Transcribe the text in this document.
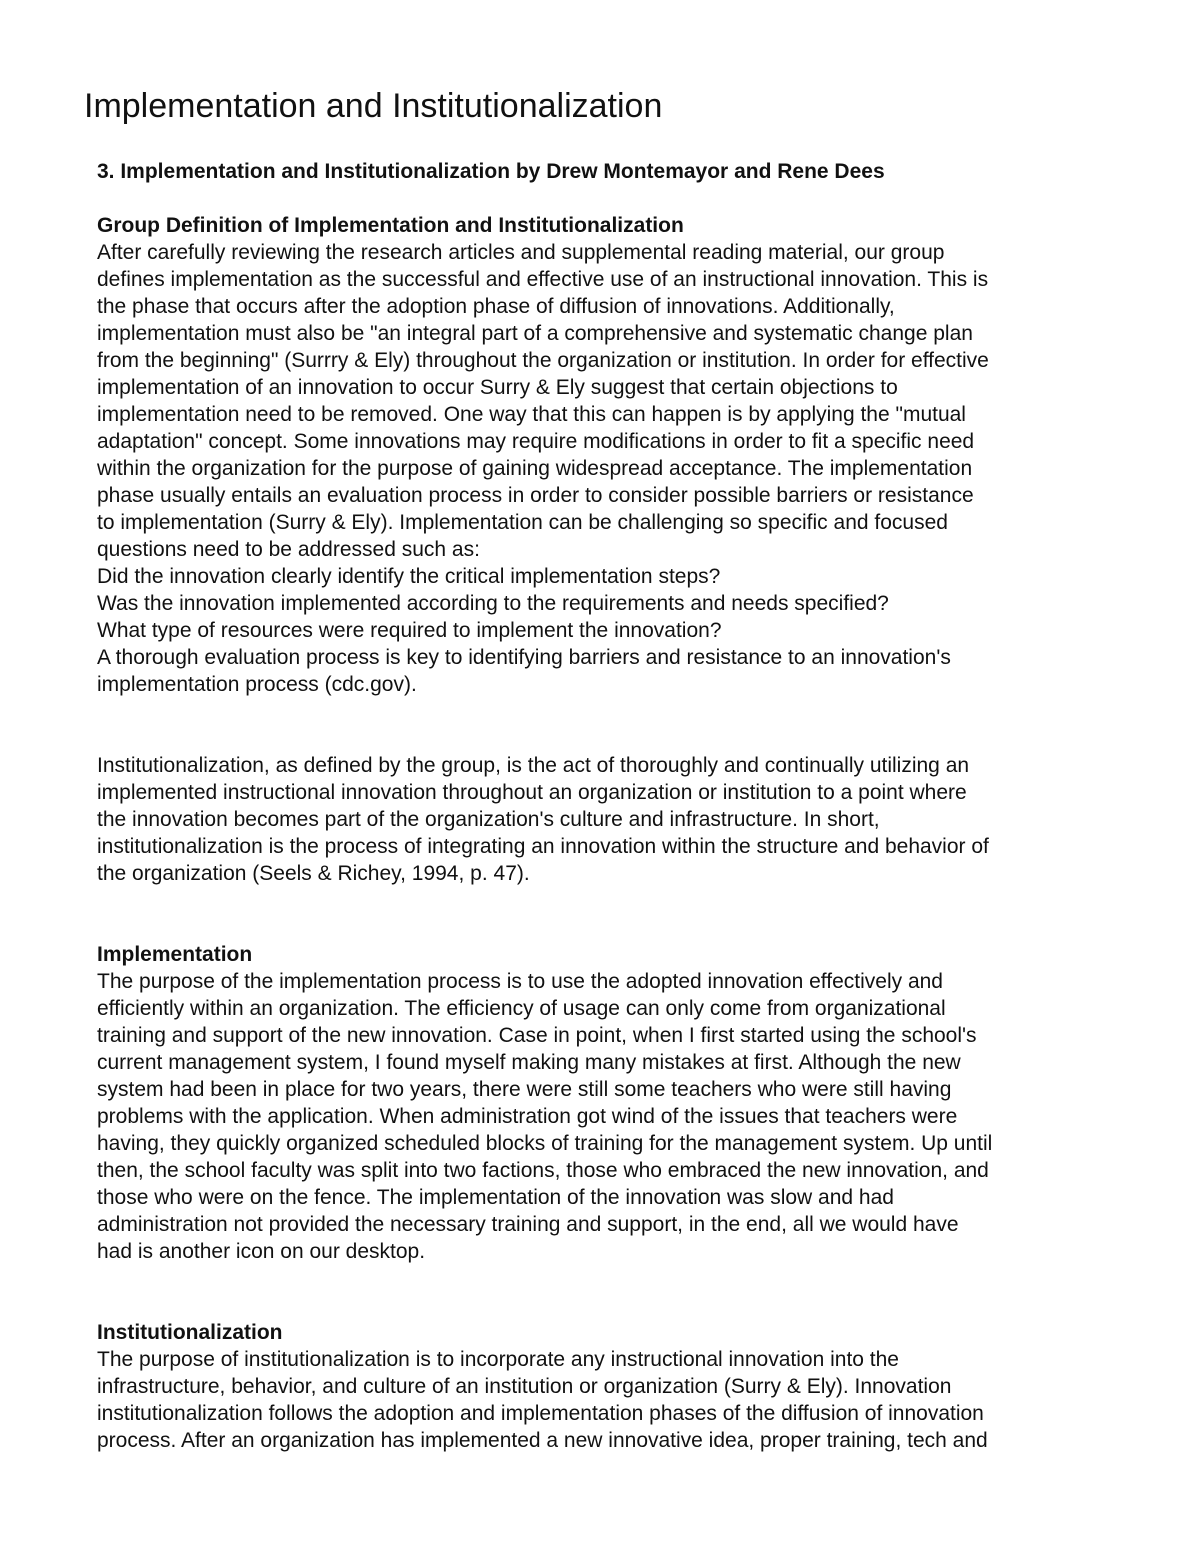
Implementation and Institutionalization

3. Implementation and Institutionalization by Drew Montemayor and Rene Dees

Group Definition of Implementation and Institutionalization

After carefully reviewing the research articles and supplemental reading material, our group
defines implementation as the successful and effective use of an instructional innovation. This is
the phase that occurs after the adoption phase of diffusion of innovations. Additionally,
implementation must also be "an integral part of a comprehensive and systematic change plan
from the beginning" (Surrry & Ely) throughout the organization or institution. In order for effective
implementation of an innovation to occur Surry & Ely suggest that certain objections to
implementation need to be removed. One way that this can happen is by applying the "mutual
adaptation" concept. Some innovations may require modifications in order to fit a specific need
within the organization for the purpose of gaining widespread acceptance. The implementation
phase usually entails an evaluation process in order to consider possible barriers or resistance
to implementation (Surry & Ely). Implementation can be challenging so specific and focused
questions need to be addressed such as:
Did the innovation clearly identify the critical implementation steps?
Was the innovation implemented according to the requirements and needs specified?
What type of resources were required to implement the innovation?
A thorough evaluation process is key to identifying barriers and resistance to an innovation's
implementation process (cdc.gov).

Institutionalization, as defined by the group, is the act of thoroughly and continually utilizing an
implemented instructional innovation throughout an organization or institution to a point where
the innovation becomes part of the organization's culture and infrastructure. In short,
institutionalization is the process of integrating an innovation within the structure and behavior of
the organization (Seels & Richey, 1994, p. 47).

Implementation

The purpose of the implementation process is to use the adopted innovation effectively and
efficiently within an organization. The efficiency of usage can only come from organizational
training and support of the new innovation. Case in point, when I first started using the school's
current management system, I found myself making many mistakes at first. Although the new
system had been in place for two years, there were still some teachers who were still having
problems with the application. When administration got wind of the issues that teachers were
having, they quickly organized scheduled blocks of training for the management system. Up until
then, the school faculty was split into two factions, those who embraced the new innovation, and
those who were on the fence. The implementation of the innovation was slow and had
administration not provided the necessary training and support, in the end, all we would have
had is another icon on our desktop.

Institutionalization

The purpose of institutionalization is to incorporate any instructional innovation into the
infrastructure, behavior, and culture of an institution or organization (Surry & Ely). Innovation
institutionalization follows the adoption and implementation phases of the diffusion of innovation
process. After an organization has implemented a new innovative idea, proper training, tech and
